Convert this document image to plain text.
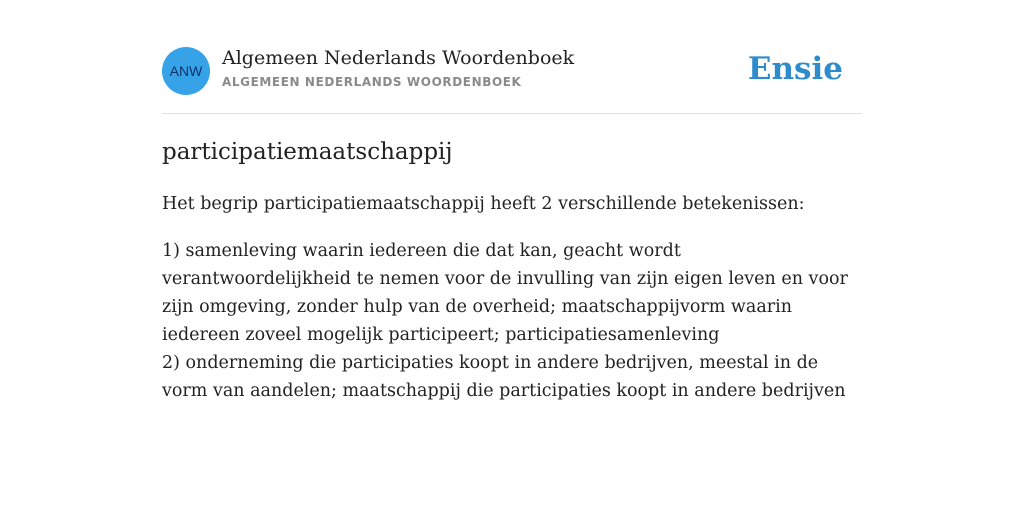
ANW
Algemeen Nederlands Woordenboek
ALGEMEEN NEDERLANDS WOORDENBOEK	Ensie
participatiemaatschappij

Het begrip participatiemaatschappij heeft 2 verschillende betekenissen:

1) samenleving waarin iedereen die dat kan, geacht wordt verantwoordelijkheid te nemen voor de invulling van zijn eigen leven en voor zijn omgeving, zonder hulp van de overheid; maatschappijvorm waarin iedereen zoveel mogelijk participeert; participatiesamenleving

2) onderneming die participaties koopt in andere bedrijven, meestal in de vorm van aandelen; maatschappij die participaties koopt in andere bedrijven
